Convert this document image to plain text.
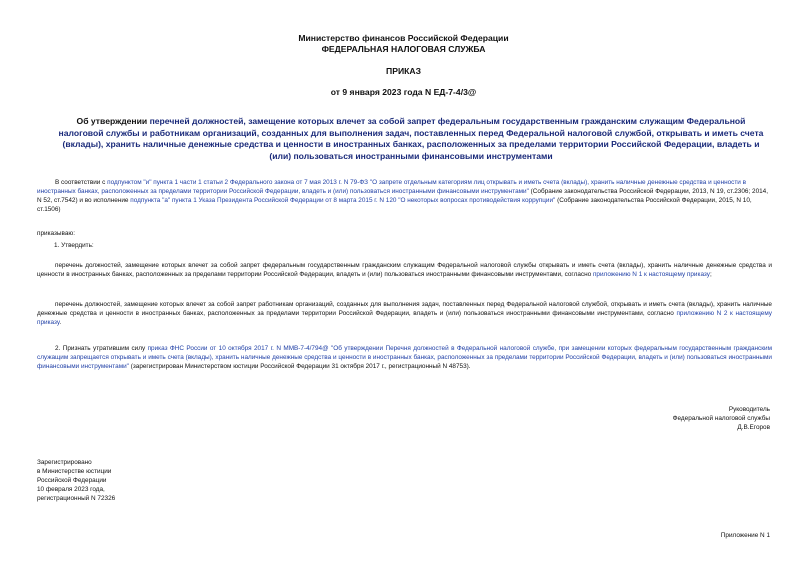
Министерство финансов Российской Федерации
ФЕДЕРАЛЬНАЯ НАЛОГОВАЯ СЛУЖБА
ПРИКАЗ
от 9 января 2023 года N ЕД-7-4/3@
Об утверждении перечней должностей, замещение которых влечет за собой запрет федеральным государственным гражданским служащим Федеральной налоговой службы и работникам организаций, созданных для выполнения задач, поставленных перед Федеральной налоговой службой, открывать и иметь счета (вклады), хранить наличные денежные средства и ценности в иностранных банках, расположенных за пределами территории Российской Федерации, владеть и (или) пользоваться иностранными финансовыми инструментами
В соответствии с подпунктом "и" пункта 1 части 1 статьи 2 Федерального закона от 7 мая 2013 г. N 79-ФЗ "О запрете отдельным категориям лиц открывать и иметь счета (вклады), хранить наличные денежные средства и ценности в иностранных банках, расположенных за пределами территории Российской Федерации, владеть и (или) пользоваться иностранными финансовыми инструментами" (Собрание законодательства Российской Федерации, 2013, N 19, ст.2306; 2014, N 52, ст.7542) и во исполнение подпункта "а" пункта 1 Указа Президента Российской Федерации от 8 марта 2015 г. N 120 "О некоторых вопросах противодействия коррупции" (Собрание законодательства Российской Федерации, 2015, N 10, ст.1506)
приказываю:
1. Утвердить:
перечень должностей, замещение которых влечет за собой запрет федеральным государственным гражданским служащим Федеральной налоговой службы открывать и иметь счета (вклады), хранить наличные денежные средства и ценности в иностранных банках, расположенных за пределами территории Российской Федерации, владеть и (или) пользоваться иностранными финансовыми инструментами, согласно приложению N 1 к настоящему приказу;
перечень должностей, замещение которых влечет за собой запрет работникам организаций, созданных для выполнения задач, поставленных перед Федеральной налоговой службой, открывать и иметь счета (вклады), хранить наличные денежные средства и ценности в иностранных банках, расположенных за пределами территории Российской Федерации, владеть и (или) пользоваться иностранными финансовыми инструментами, согласно приложению N 2 к настоящему приказу.
2. Признать утратившим силу приказ ФНС России от 10 октября 2017 г. N ММВ-7-4/794@ "Об утверждении Перечня должностей в Федеральной налоговой службе, при замещении которых федеральным государственным гражданским служащим запрещается открывать и иметь счета (вклады), хранить наличные денежные средства и ценности в иностранных банках, расположенных за пределами территории Российской Федерации, владеть и (или) пользоваться иностранными финансовыми инструментами" (зарегистрирован Министерством юстиции Российской Федерации 31 октября 2017 г., регистрационный N 48753).
Руководитель
Федеральной налоговой службы
Д.В.Егоров
Зарегистрировано
в Министерстве юстиции
Российской Федерации
10 февраля 2023 года,
регистрационный N 72326
Приложение N 1
